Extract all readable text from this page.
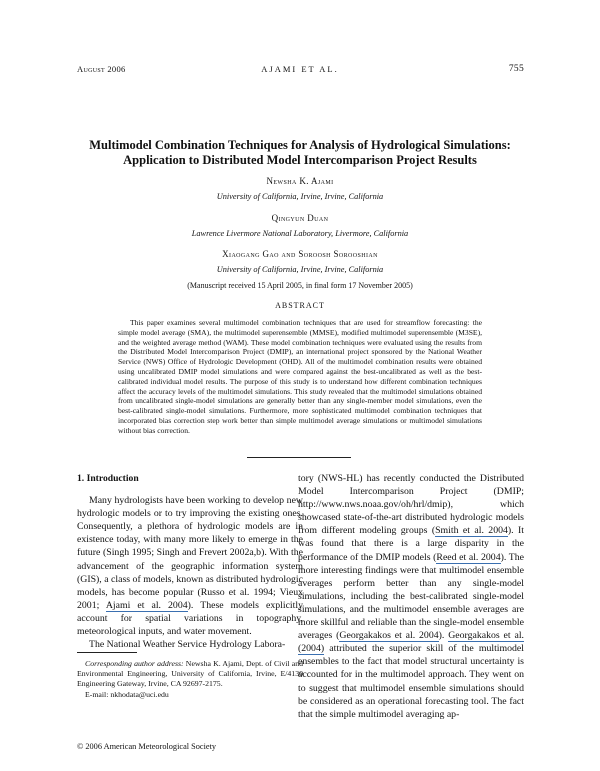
August 2006	AJAMI ET AL.	755
Multimodel Combination Techniques for Analysis of Hydrological Simulations:
Application to Distributed Model Intercomparison Project Results
Newsha K. Ajami
University of California, Irvine, Irvine, California
Qingyun Duan
Lawrence Livermore National Laboratory, Livermore, California
Xiaogang Gao and Soroosh Sorooshian
University of California, Irvine, Irvine, California
(Manuscript received 15 April 2005, in final form 17 November 2005)
ABSTRACT
This paper examines several multimodel combination techniques that are used for streamflow forecasting: the simple model average (SMA), the multimodel superensemble (MMSE), modified multimodel superensemble (M3SE), and the weighted average method (WAM). These model combination techniques were evaluated using the results from the Distributed Model Intercomparison Project (DMIP), an international project sponsored by the National Weather Service (NWS) Office of Hydrologic Development (OHD). All of the multimodel combination results were obtained using uncalibrated DMIP model simulations and were compared against the best-uncalibrated as well as the best-calibrated individual model results. The purpose of this study is to understand how different combination techniques affect the accuracy levels of the multimodel simulations. This study revealed that the multimodel simulations obtained from uncalibrated single-model simulations are generally better than any single-member model simulations, even the best-calibrated single-model simulations. Furthermore, more sophisticated multimodel combination techniques that incorporated bias correction step work better than simple multimodel average simulations or multimodel simulations without bias correction.

1. Introduction

Many hydrologists have been working to develop new hydrologic models or to try improving the existing ones. Consequently, a plethora of hydrologic models are in existence today, with many more likely to emerge in the future (Singh 1995; Singh and Frevert 2002a,b). With the advancement of the geographic information system (GIS), a class of models, known as distributed hydrologic models, has become popular (Russo et al. 1994; Vieux 2001; Ajami et al. 2004). These models explicitly account for spatial variations in topography, meteorological inputs, and water movement.

The National Weather Service Hydrology Labora-

tory (NWS-HL) has recently conducted the Distributed Model Intercomparison Project (DMIP; http://www.nws.noaa.gov/oh/hrl/dmip), which showcased state-of-the-art distributed hydrologic models from different modeling groups (Smith et al. 2004). It was found that there is a large disparity in the performance of the DMIP models (Reed et al. 2004). The more interesting findings were that multimodel ensemble averages perform better than any single-model simulations, including the best-calibrated single-model simulations, and the multimodel ensemble averages are more skillful and reliable than the single-model ensemble averages (Georgakakos et al. 2004). Georgakakos et al. (2004) attributed the superior skill of the multimodel ensembles to the fact that model structural uncertainty is accounted for in the multimodel approach. They went on to suggest that multimodel ensemble simulations should be considered as an operational forecasting tool. The fact that the simple multimodel averaging ap-

Corresponding author address: Newsha K. Ajami, Dept. of Civil and Environmental Engineering, University of California, Irvine, E/4130 Engineering Gateway, Irvine, CA 92697-2175.
E-mail: nkhodata@uci.edu
© 2006 American Meteorological Society
